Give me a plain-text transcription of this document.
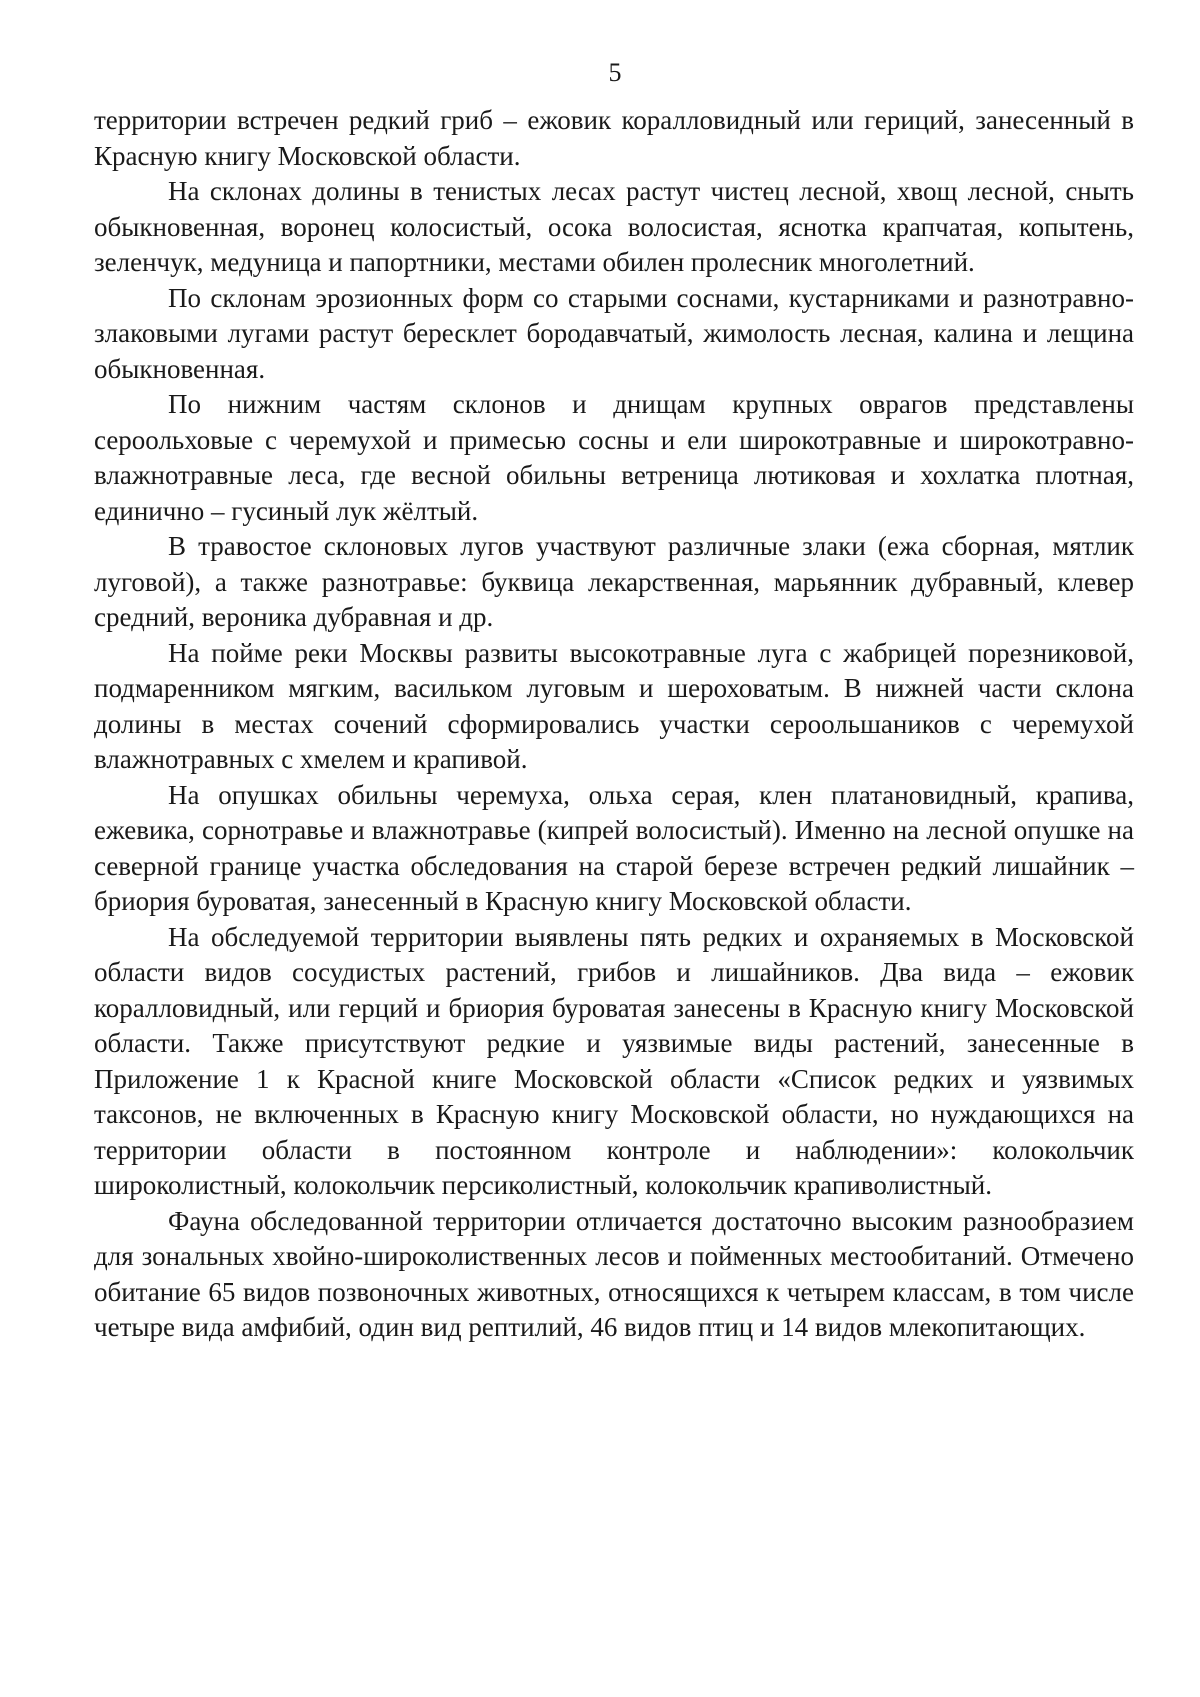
5

территории встречен редкий гриб – ежовик коралловидный или гериций, занесенный в Красную книгу Московской области.

На склонах долины в тенистых лесах растут чистец лесной, хвощ лесной, сныть обыкновенная, воронец колосистый, осока волосистая, яснотка крапчатая, копытень, зеленчук, медуница и папортники, местами обилен пролесник многолетний.

По склонам эрозионных форм со старыми соснами, кустарниками и разнотравно-злаковыми лугами растут бересклет бородавчатый, жимолость лесная, калина и лещина обыкновенная.

По нижним частям склонов и днищам крупных оврагов представлены сероольховые с черемухой и примесью сосны и ели широкотравные и широкотравно-влажнотравные леса, где весной обильны ветреница лютиковая и хохлатка плотная, единично – гусиный лук жёлтый.

В травостое склоновых лугов участвуют различные злаки (ежа сборная, мятлик луговой), а также разнотравье: буквица лекарственная, марьянник дубравный, клевер средний, вероника дубравная и др.

На пойме реки Москвы развиты высокотравные луга с жабрицей порезниковой, подмаренником мягким, васильком луговым и шероховатым. В нижней части склона долины в местах сочений сформировались участки сероольшаников с черемухой влажнотравных с хмелем и крапивой.

На опушках обильны черемуха, ольха серая, клен платановидный, крапива, ежевика, сорнотравье и влажнотравье (кипрей волосистый). Именно на лесной опушке на северной границе участка обследования на старой березе встречен редкий лишайник – бриория буроватая, занесенный в Красную книгу Московской области.

На обследуемой территории выявлены пять редких и охраняемых в Московской области видов сосудистых растений, грибов и лишайников. Два вида – ежовик коралловидный, или герций и бриория буроватая занесены в Красную книгу Московской области. Также присутствуют редкие и уязвимые виды растений, занесенные в Приложение 1 к Красной книге Московской области «Список редких и уязвимых таксонов, не включенных в Красную книгу Московской области, но нуждающихся на территории области в постоянном контроле и наблюдении»: колокольчик широколистный, колокольчик персиколистный, колокольчик крапиволистный.

Фауна обследованной территории отличается достаточно высоким разнообразием для зональных хвойно-широколиственных лесов и пойменных местообитаний. Отмечено обитание 65 видов позвоночных животных, относящихся к четырем классам, в том числе четыре вида амфибий, один вид рептилий, 46 видов птиц и 14 видов млекопитающих.
